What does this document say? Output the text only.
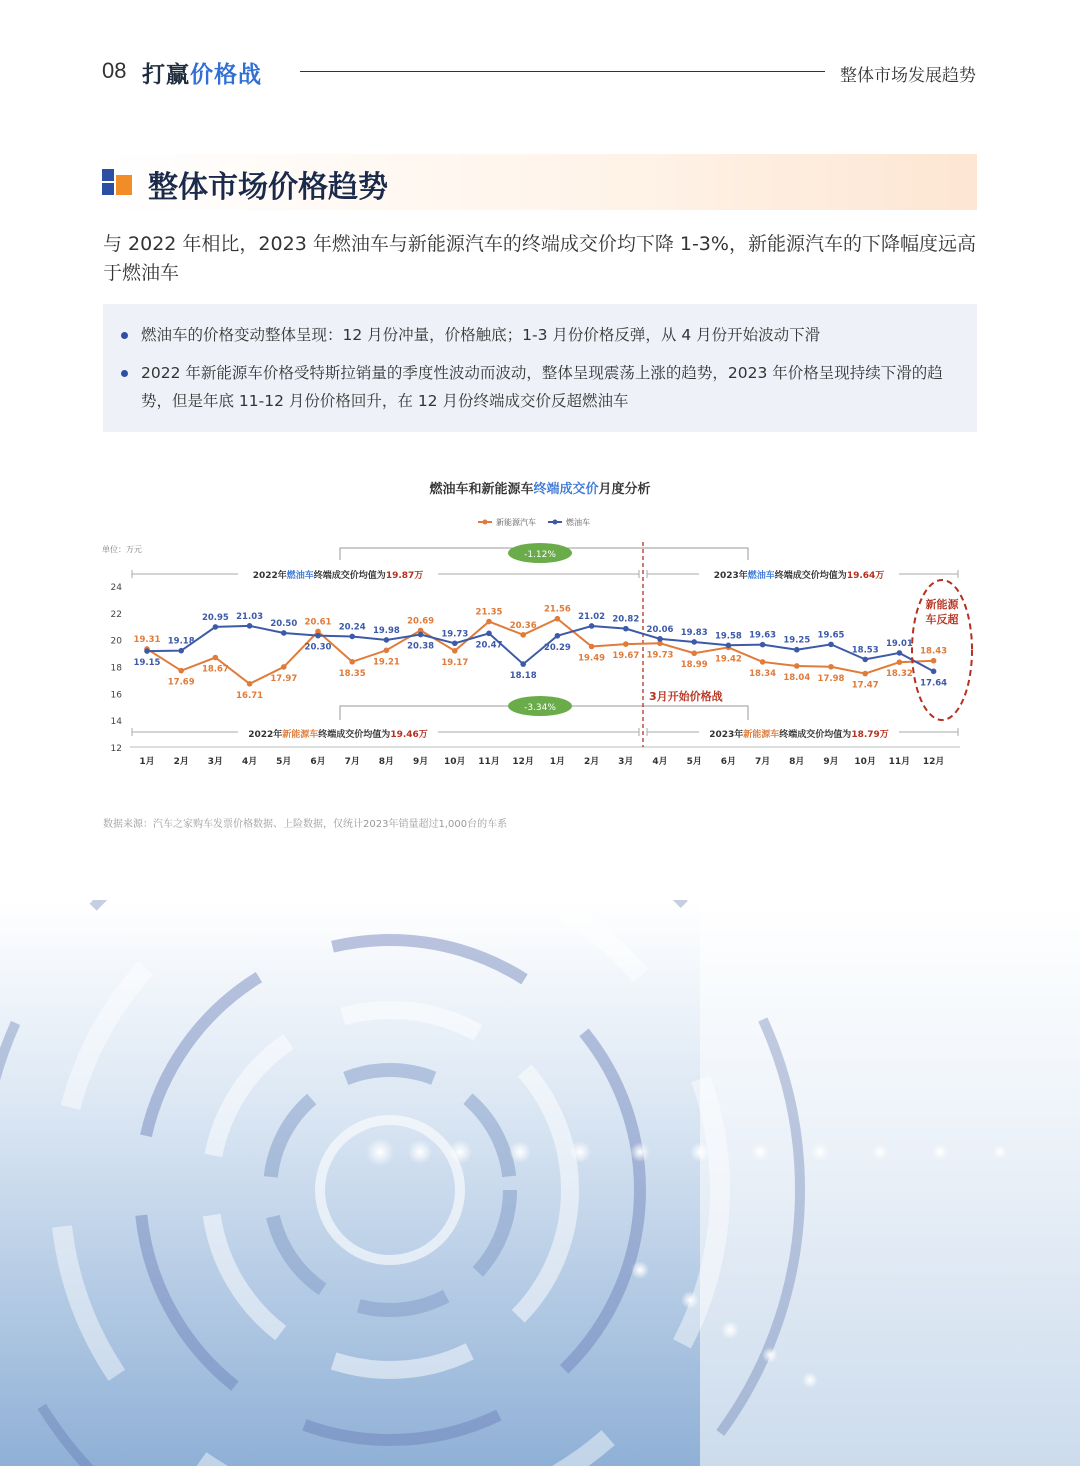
08 打赢价格战	整体市场发展趋势
整体市场价格趋势
与 2022 年相比，2023 年燃油车与新能源汽车的终端成交价均下降 1-3%，新能源汽车的下降幅度远高于燃油车
燃油车的价格变动整体呈现：12 月份冲量，价格触底；1-3 月份价格反弹，从 4 月份开始波动下滑
2022 年新能源车价格受特斯拉销量的季度性波动而波动，整体呈现震荡上涨的趋势，2023 年价格呈现持续下滑的趋势，但是年底 11-12 月份价格回升，在 12 月份终端成交价反超燃油车
燃油车和新能源车终端成交价月度分析
新能源汽车	燃油车
单位：万元
24
22
20
18
16
14
12
1月 2月 3月 4月 5月 6月 7月 8月 9月 10月 11月 12月 1月 2月 3月 4月 5月 6月 7月 8月 9月 10月 11月 12月
2022年燃油车终端成交价均值为19.87万	2023年燃油车终端成交价均值为19.64万
2022年新能源车终端成交价均值为19.46万	2023年新能源车终端成交价均值为18.79万
-1.12%
-3.34%
3月开始价格战
19.31
19.15
17.69
19.18
18.67
20.95
16.71
21.03
17.97
20.50 20.61
20.30
18.35
20.24
19.21
19.98
20.69
20.38
19.17
19.73
21.35
20.47
20.36
18.18
21.56
20.29
19.49
21.02
19.67
20.82
19.73
20.06
18.99
19.83
19.42
19.58
18.34
19.63
18.04
19.25
17.98
19.65
17.47
18.53
18.32
19.01
18.43
17.64
新能源
车反超
数据来源：汽车之家购车发票价格数据、上险数据，仅统计2023年销量超过1,000台的车系
